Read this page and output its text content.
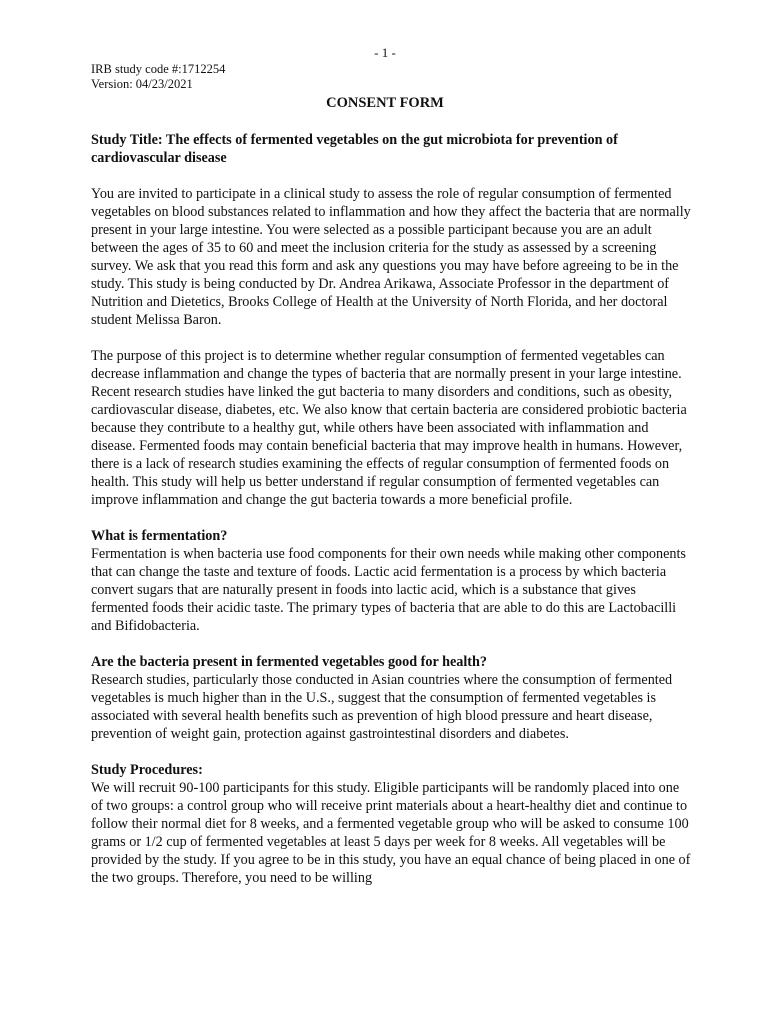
- 1 -
IRB study code #:1712254
Version: 04/23/2021
CONSENT FORM

Study Title: The effects of fermented vegetables on the gut microbiota for prevention of cardiovascular disease

You are invited to participate in a clinical study to assess the role of regular consumption of fermented vegetables on blood substances related to inflammation and how they affect the bacteria that are normally present in your large intestine. You were selected as a possible participant because you are an adult between the ages of 35 to 60 and meet the inclusion criteria for the study as assessed by a screening survey. We ask that you read this form and ask any questions you may have before agreeing to be in the study. This study is being conducted by Dr. Andrea Arikawa, Associate Professor in the department of Nutrition and Dietetics, Brooks College of Health at the University of North Florida, and her doctoral student Melissa Baron.

The purpose of this project is to determine whether regular consumption of fermented vegetables can decrease inflammation and change the types of bacteria that are normally present in your large intestine. Recent research studies have linked the gut bacteria to many disorders and conditions, such as obesity, cardiovascular disease, diabetes, etc. We also know that certain bacteria are considered probiotic bacteria because they contribute to a healthy gut, while others have been associated with inflammation and disease. Fermented foods may contain beneficial bacteria that may improve health in humans. However, there is a lack of research studies examining the effects of regular consumption of fermented foods on health. This study will help us better understand if regular consumption of fermented vegetables can improve inflammation and change the gut bacteria towards a more beneficial profile.

What is fermentation?

Fermentation is when bacteria use food components for their own needs while making other components that can change the taste and texture of foods. Lactic acid fermentation is a process by which bacteria convert sugars that are naturally present in foods into lactic acid, which is a substance that gives fermented foods their acidic taste. The primary types of bacteria that are able to do this are Lactobacilli and Bifidobacteria.

Are the bacteria present in fermented vegetables good for health?

Research studies, particularly those conducted in Asian countries where the consumption of fermented vegetables is much higher than in the U.S., suggest that the consumption of fermented vegetables is associated with several health benefits such as prevention of high blood pressure and heart disease, prevention of weight gain, protection against gastrointestinal disorders and diabetes.

Study Procedures:

We will recruit 90-100 participants for this study. Eligible participants will be randomly placed into one of two groups: a control group who will receive print materials about a heart-healthy diet and continue to follow their normal diet for 8 weeks, and a fermented vegetable group who will be asked to consume 100 grams or 1/2 cup of fermented vegetables at least 5 days per week for 8 weeks. All vegetables will be provided by the study. If you agree to be in this study, you have an equal chance of being placed in one of the two groups. Therefore, you need to be willing
